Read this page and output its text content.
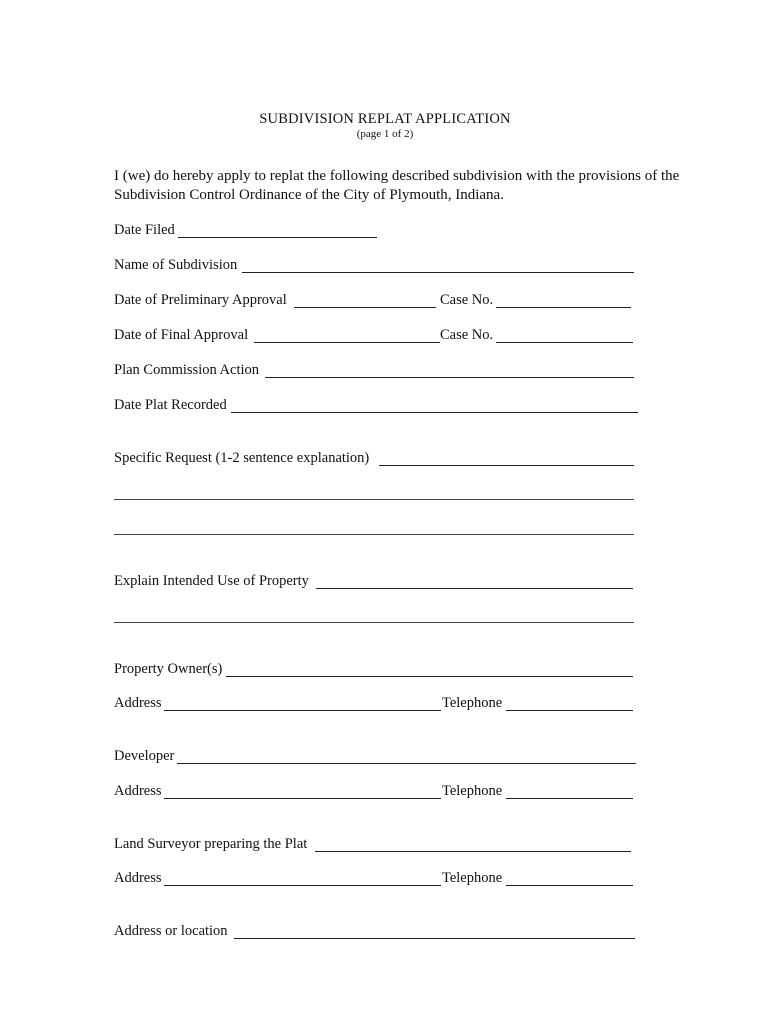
SUBDIVISION REPLAT APPLICATION
(page 1 of 2)
I (we) do hereby apply to replat the following described subdivision with the provisions of the Subdivision Control Ordinance of the City of Plymouth, Indiana.
Date Filed
Name of Subdivision
Date of Preliminary Approval	Case No.
Date of Final Approval	Case No.
Plan Commission Action
Date Plat Recorded
Specific Request (1-2 sentence explanation)
Explain Intended Use of Property
Property Owner(s)
Address	Telephone
Developer
Address	Telephone
Land Surveyor preparing the Plat
Address	Telephone
Address or location
